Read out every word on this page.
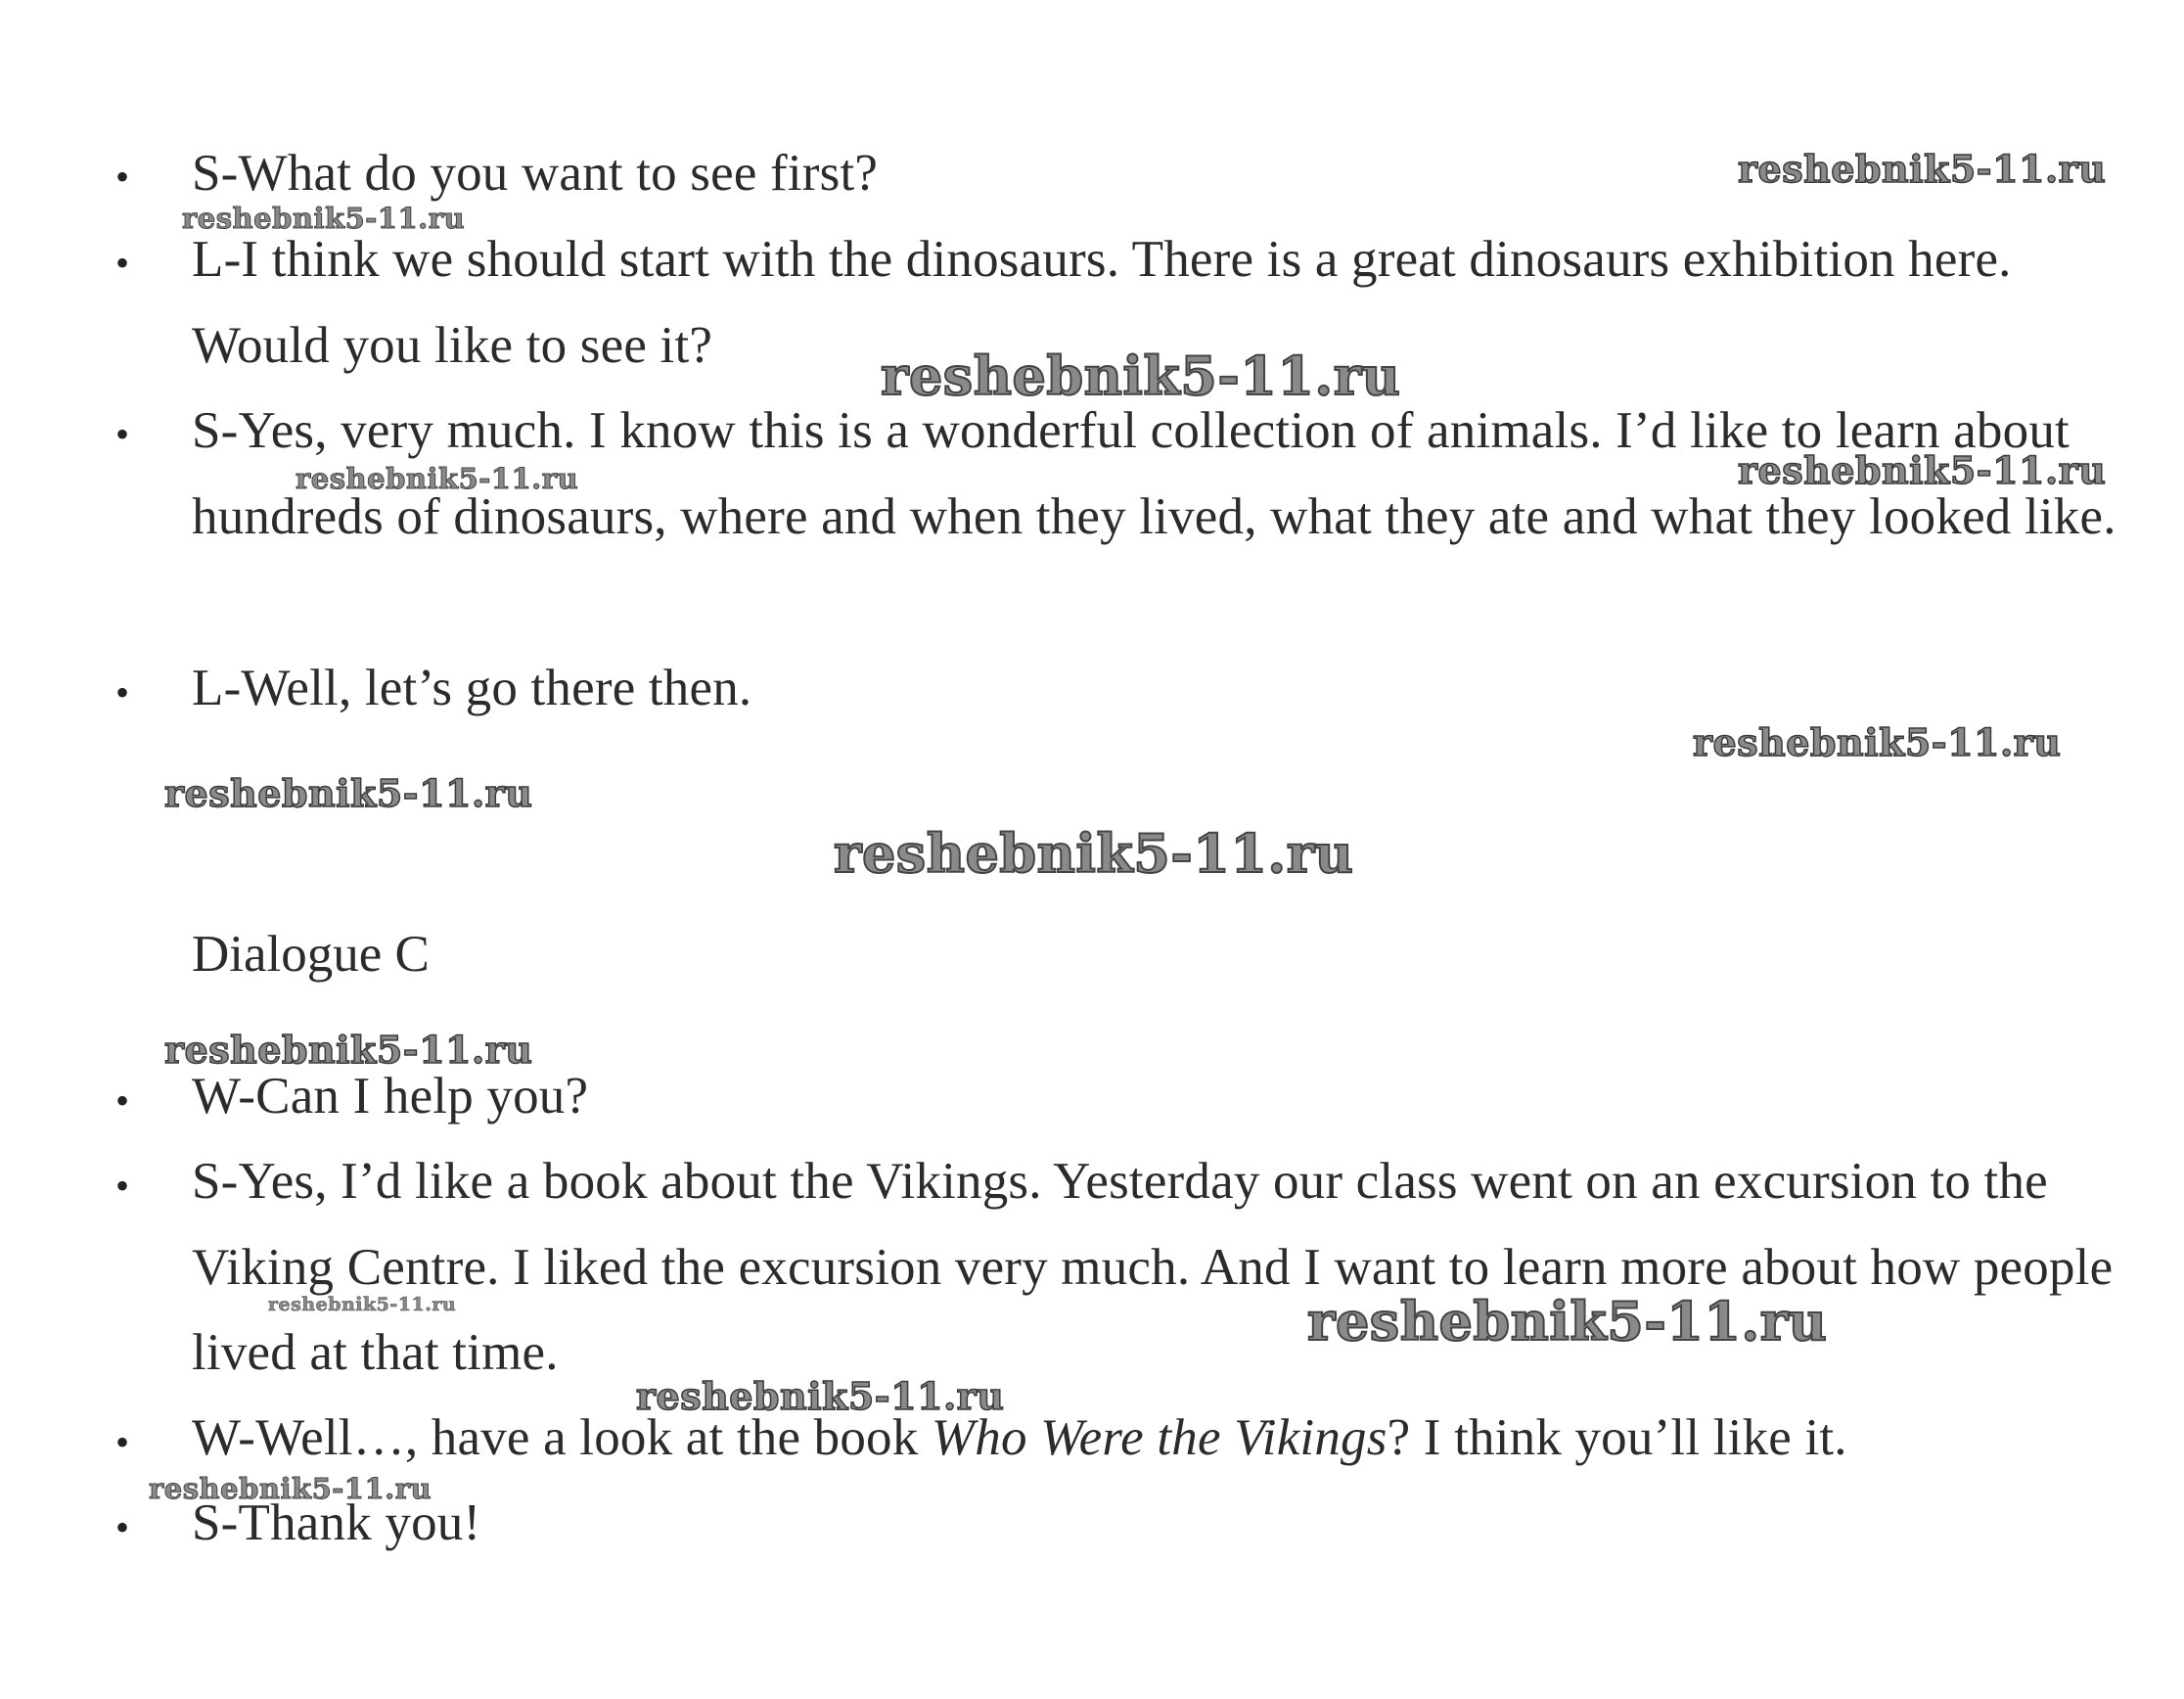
• S-What do you want to see first?
• L-I think we should start with the dinosaurs. There is a great dinosaurs exhibition here. Would you like to see it?
• S-Yes, very much. I know this is a wonderful collection of animals. I’d like to learn about hundreds of dinosaurs, where and when they lived, what they ate and what they looked like.
• L-Well, let’s go there then.
Dialogue C
• W-Can I help you?
• S-Yes, I’d like a book about the Vikings. Yesterday our class went on an excursion to the Viking Centre. I liked the excursion very much. And I want to learn more about how people lived at that time.
• W-Well…, have a look at the book Who Were the Vikings? I think you’ll like it.
• S-Thank you!
reshebnik5-11.ru
reshebnik5-11.ru
reshebnik5-11.ru
reshebnik5-11.ru	reshebnik5-11.ru
reshebnik5-11.ru
reshebnik5-11.ru
reshebnik5-11.ru
reshebnik5-11.ru
reshebnik5-11.ru	reshebnik5-11.ru
reshebnik5-11.ru
reshebnik5-11.ru
